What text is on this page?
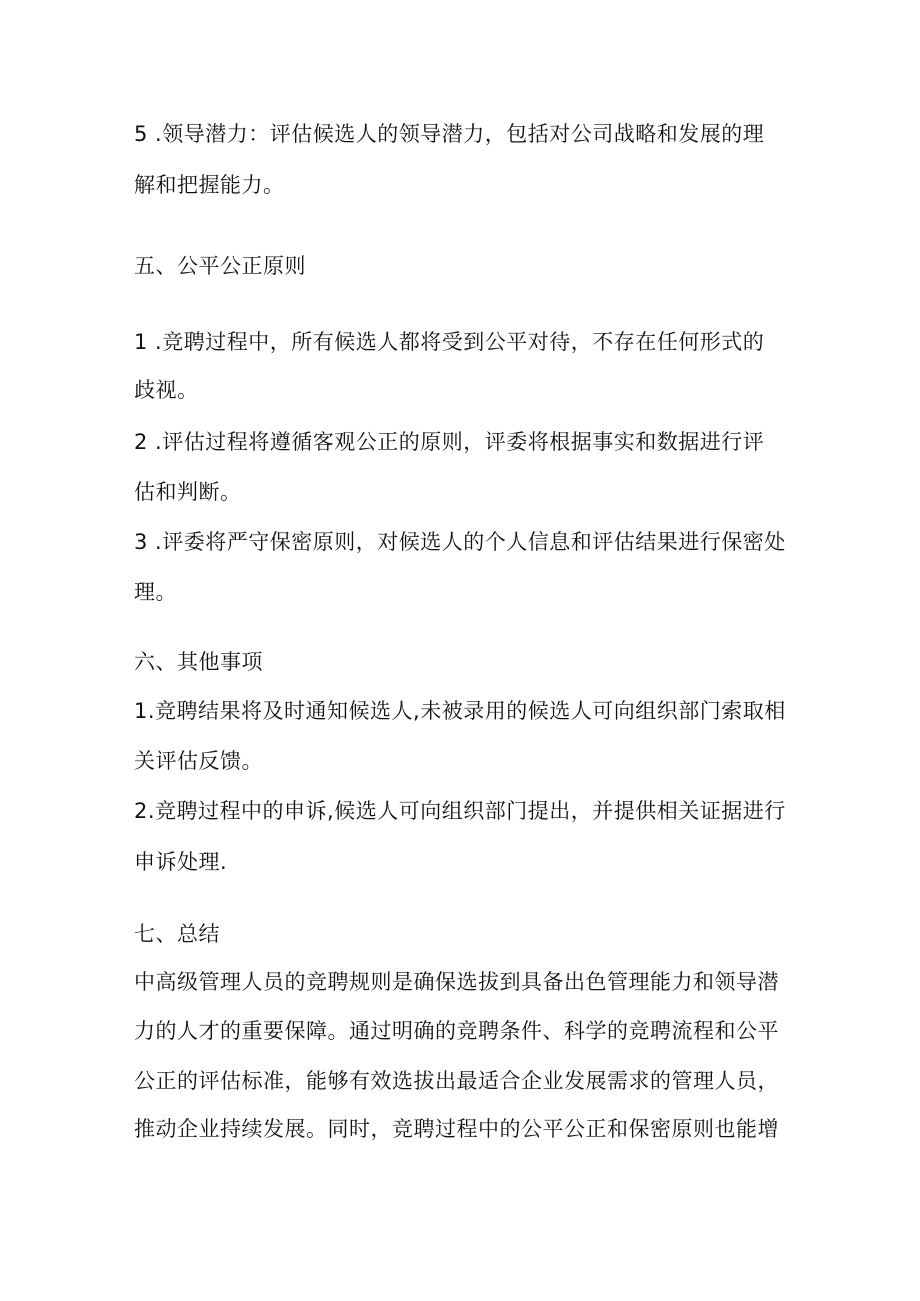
5 .领导潜力：评估候选人的领导潜力，包括对公司战略和发展的理
解和把握能力。
五、公平公正原则
1 .竞聘过程中，所有候选人都将受到公平对待，不存在任何形式的
歧视。
2 .评估过程将遵循客观公正的原则，评委将根据事实和数据进行评
估和判断。
3 .评委将严守保密原则，对候选人的个人信息和评估结果进行保密处
理。
六、其他事项
1.竞聘结果将及时通知候选人,未被录用的候选人可向组织部门索取相
关评估反馈。
2.竞聘过程中的申诉,候选人可向组织部门提出，并提供相关证据进行
申诉处理.
七、总结
中高级管理人员的竞聘规则是确保选拔到具备出色管理能力和领导潜
力的人才的重要保障。通过明确的竞聘条件、科学的竞聘流程和公平
公正的评估标准，能够有效选拔出最适合企业发展需求的管理人员，
推动企业持续发展。同时，竞聘过程中的公平公正和保密原则也能增
